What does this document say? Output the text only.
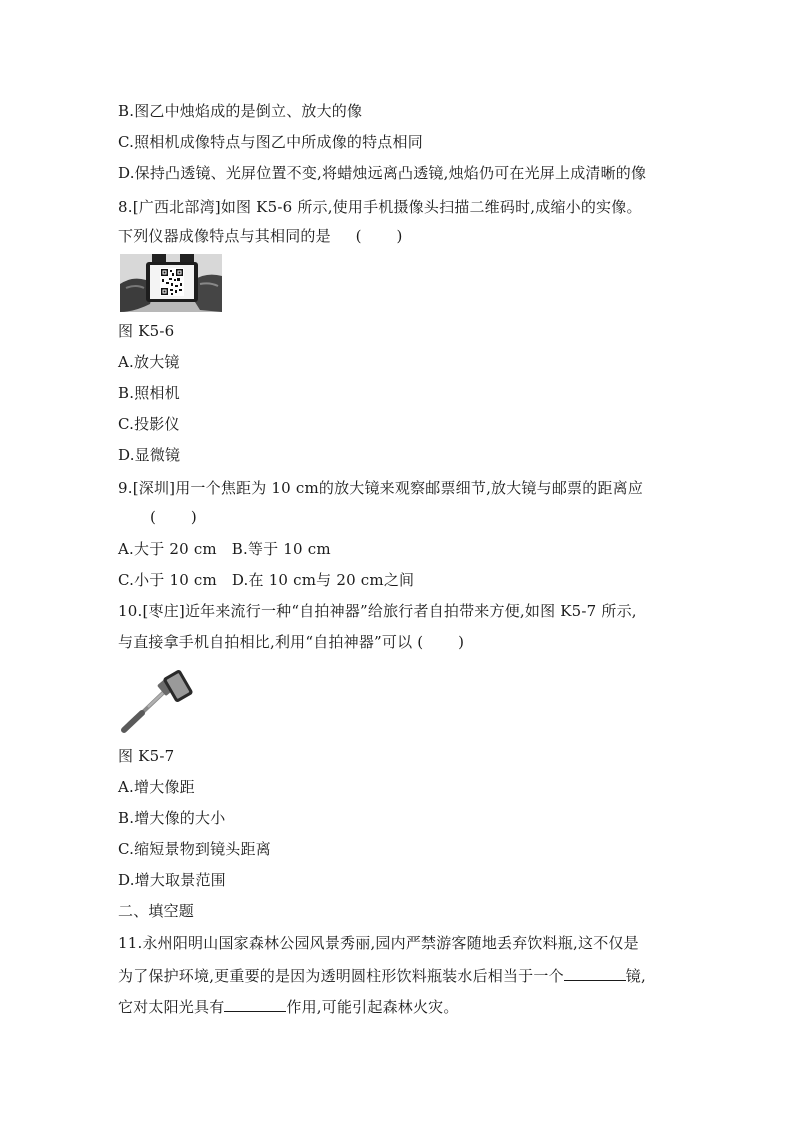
B.图乙中烛焰成的是倒立、放大的像
C.照相机成像特点与图乙中所成像的特点相同
D.保持凸透镜、光屏位置不变,将蜡烛远离凸透镜,烛焰仍可在光屏上成清晰的像
8.[广西北部湾]如图 K5-6 所示,使用手机摄像头扫描二维码时,成缩小的实像。
下列仪器成像特点与其相同的是     (       )
图 K5-6
A.放大镜
B.照相机
C.投影仪
D.显微镜
9.[深圳]用一个焦距为 10 cm的放大镜来观察邮票细节,放大镜与邮票的距离应
(       )
A.大于 20 cm   B.等于 10 cm
C.小于 10 cm   D.在 10 cm与 20 cm之间
10.[枣庄]近年来流行一种“自拍神器”给旅行者自拍带来方便,如图 K5-7 所示,
与直接拿手机自拍相比,利用“自拍神器”可以 (       )
图 K5-7
A.增大像距
B.增大像的大小
C.缩短景物到镜头距离
D.增大取景范围
二、填空题
11.永州阳明山国家森林公园风景秀丽,园内严禁游客随地丢弃饮料瓶,这不仅是
为了保护环境,更重要的是因为透明圆柱形饮料瓶装水后相当于一个	镜,
它对太阳光具有	作用,可能引起森林火灾。
